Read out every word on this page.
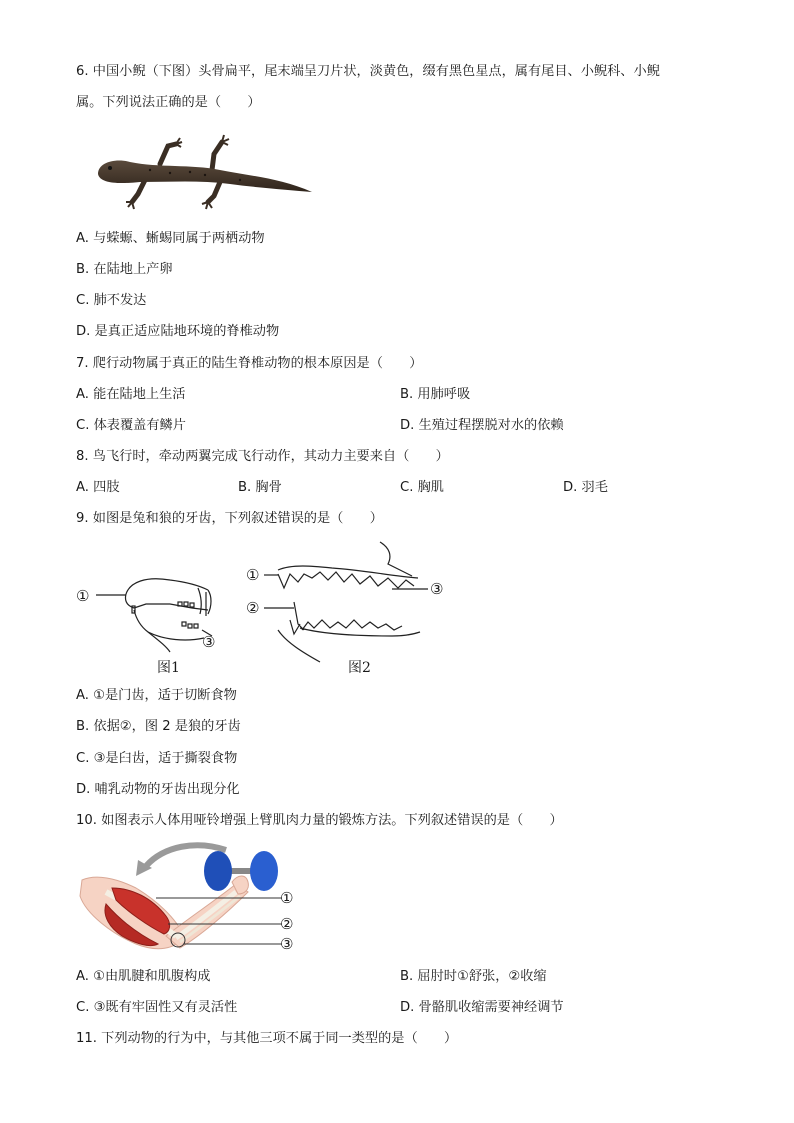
6. 中国小鲵（下图）头骨扁平，尾末端呈刀片状，淡黄色，缀有黑色星点，属有尾目、小鲵科、小鲵
属。下列说法正确的是（　　）
A. 与蝾螈、蜥蜴同属于两栖动物
B. 在陆地上产卵
C. 肺不发达
D. 是真正适应陆地环境的脊椎动物
7. 爬行动物属于真正的陆生脊椎动物的根本原因是（　　）
A. 能在陆地上生活	B. 用肺呼吸
C. 体表覆盖有鳞片	D. 生殖过程摆脱对水的依赖
8. 鸟飞行时，牵动两翼完成飞行动作，其动力主要来自（　　）
A. 四肢	B. 胸骨	C. 胸肌	D. 羽毛
9. 如图是兔和狼的牙齿，下列叙述错误的是（　　）
①
③
图1
①
②
③
图2
A. ①是门齿，适于切断食物
B. 依据②，图 2 是狼的牙齿
C. ③是臼齿，适于撕裂食物
D. 哺乳动物的牙齿出现分化
10. 如图表示人体用哑铃增强上臂肌肉力量的锻炼方法。下列叙述错误的是（　　）
①
②
③
A. ①由肌腱和肌腹构成	B. 屈肘时①舒张，②收缩
C. ③既有牢固性又有灵活性	D. 骨骼肌收缩需要神经调节
11. 下列动物的行为中，与其他三项不属于同一类型的是（　　）
